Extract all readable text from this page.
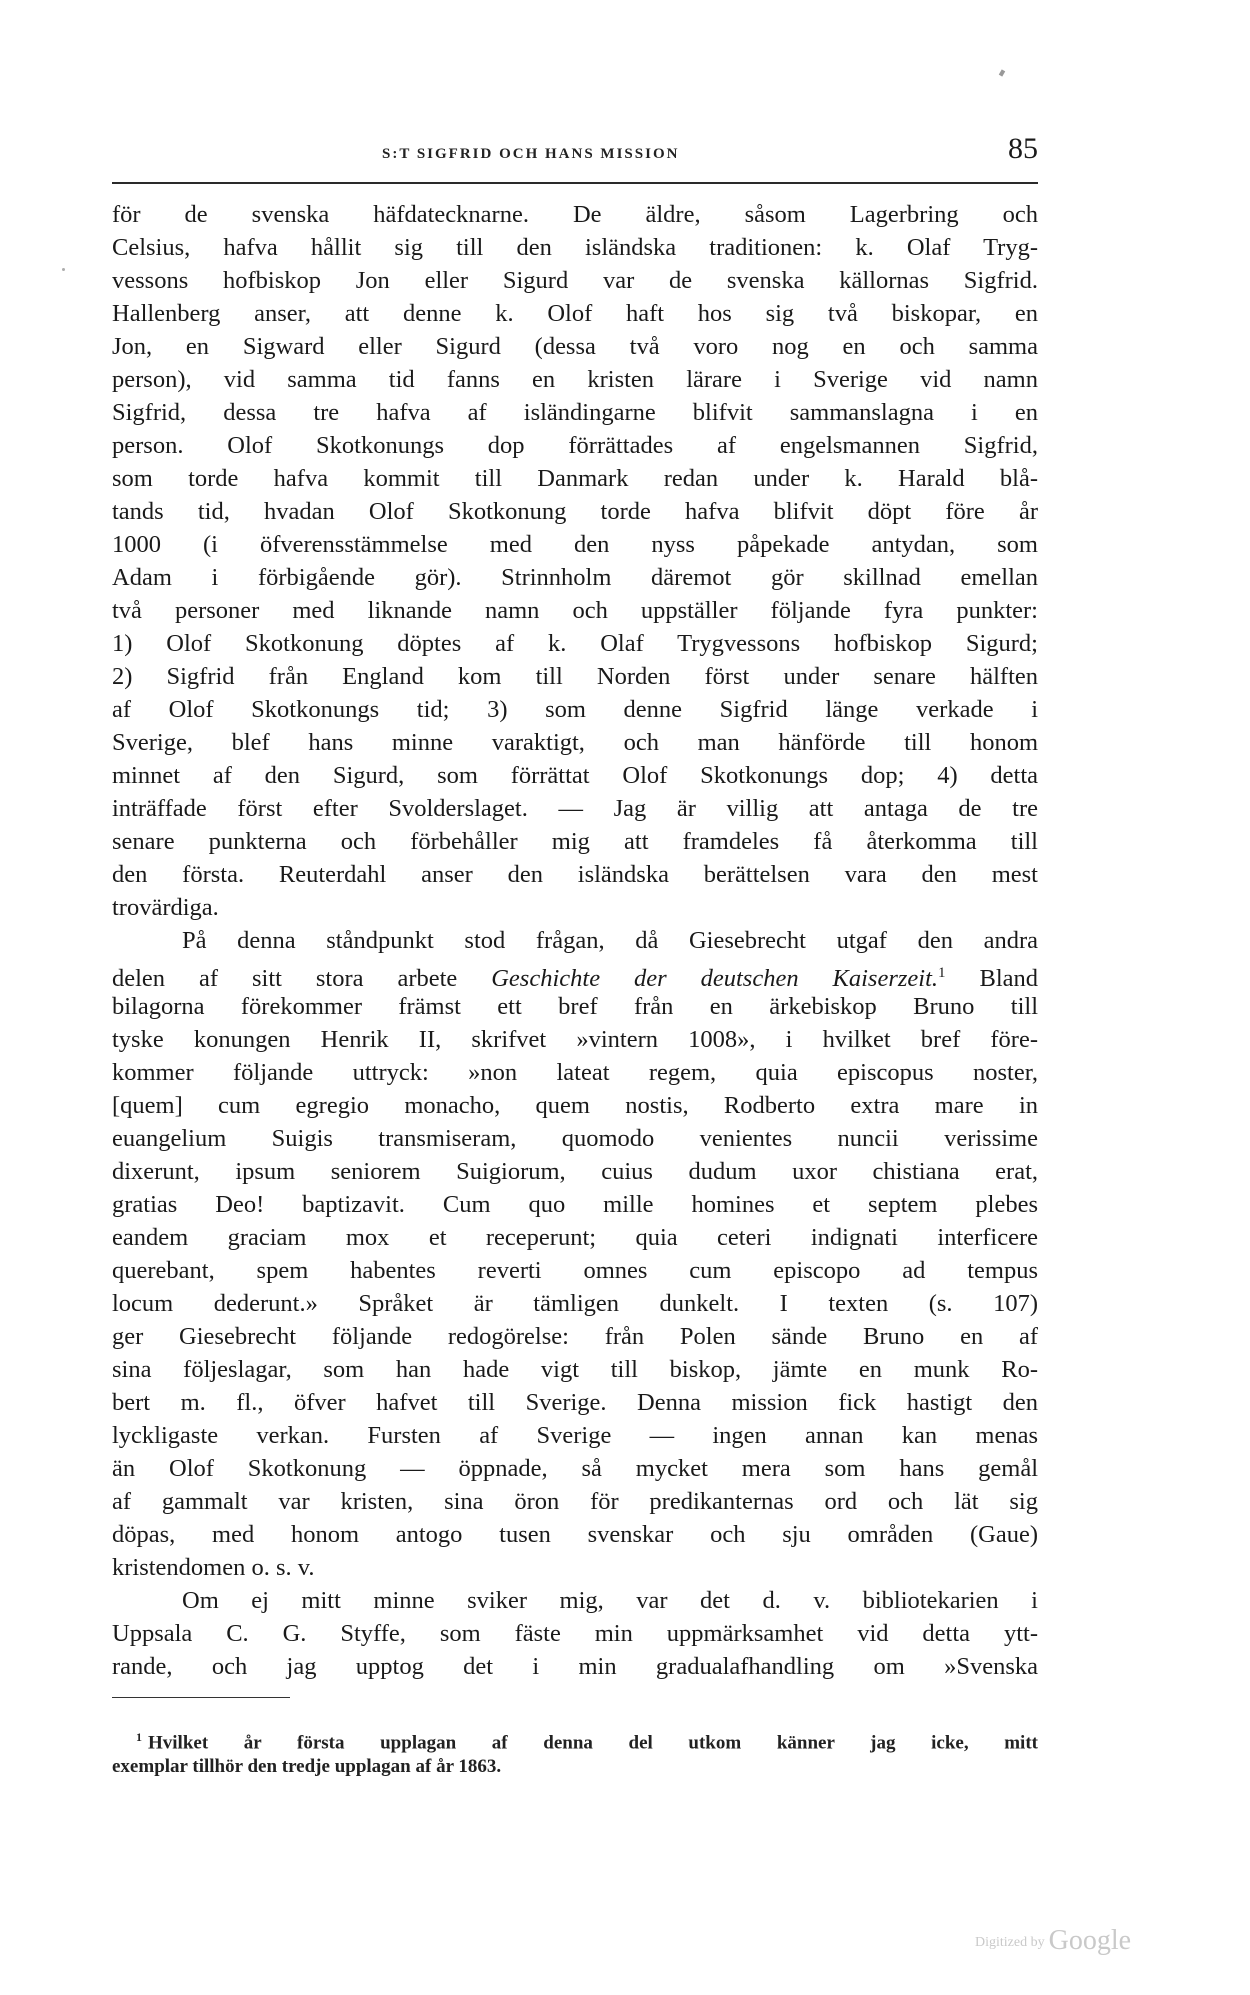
S:T SIGFRID OCH HANS MISSION	85
för de svenska häfdatecknarne. De äldre, såsom Lagerbring och
Celsius, hafva hållit sig till den isländska traditionen: k. Olaf Tryg-
vessons hofbiskop Jon eller Sigurd var de svenska källornas Sigfrid.
Hallenberg anser, att denne k. Olof haft hos sig två biskopar, en
Jon, en Sigward eller Sigurd (dessa två voro nog en och samma
person), vid samma tid fanns en kristen lärare i Sverige vid namn
Sigfrid, dessa tre hafva af isländingarne blifvit sammanslagna i en
person. Olof Skotkonungs dop förrättades af engelsmannen Sigfrid,
som torde hafva kommit till Danmark redan under k. Harald blå-
tands tid, hvadan Olof Skotkonung torde hafva blifvit döpt före år
1000 (i öfverensstämmelse med den nyss påpekade antydan, som
Adam i förbigående gör). Strinnholm däremot gör skillnad emellan
två personer med liknande namn och uppställer följande fyra punkter:
1) Olof Skotkonung döptes af k. Olaf Trygvessons hofbiskop Sigurd;
2) Sigfrid från England kom till Norden först under senare hälften
af Olof Skotkonungs tid; 3) som denne Sigfrid länge verkade i
Sverige, blef hans minne varaktigt, och man hänförde till honom
minnet af den Sigurd, som förrättat Olof Skotkonungs dop; 4) detta
inträffade först efter Svolderslaget. — Jag är villig att antaga de tre
senare punkterna och förbehåller mig att framdeles få återkomma till
den första. Reuterdahl anser den isländska berättelsen vara den mest
trovärdiga.
På denna ståndpunkt stod frågan, då Giesebrecht utgaf den andra
delen af sitt stora arbete Geschichte der deutschen Kaiserzeit.$^1$ Bland
bilagorna förekommer främst ett bref från en ärkebiskop Bruno till
tyske konungen Henrik II, skrifvet »vintern 1008», i hvilket bref före-
kommer följande uttryck: »non lateat regem, quia episcopus noster,
[quem] cum egregio monacho, quem nostis, Rodberto extra mare in
euangelium Suigis transmiseram, quomodo venientes nuncii verissime
dixerunt, ipsum seniorem Suigiorum, cuius dudum uxor chistiana erat,
gratias Deo! baptizavit. Cum quo mille homines et septem plebes
eandem graciam mox et receperunt; quia ceteri indignati interficere
querebant, spem habentes reverti omnes cum episcopo ad tempus
locum dederunt.» Språket är tämligen dunkelt. I texten (s. 107)
ger Giesebrecht följande redogörelse: från Polen sände Bruno en af
sina följeslagar, som han hade vigt till biskop, jämte en munk Ro-
bert m. fl., öfver hafvet till Sverige. Denna mission fick hastigt den
lyckligaste verkan. Fursten af Sverige — ingen annan kan menas
än Olof Skotkonung — öppnade, så mycket mera som hans gemål
af gammalt var kristen, sina öron för predikanternas ord och lät sig
döpas, med honom antogo tusen svenskar och sju områden (Gaue)
kristendomen o. s. v.
Om ej mitt minne sviker mig, var det d. v. bibliotekarien i
Uppsala C. G. Styffe, som fäste min uppmärksamhet vid detta ytt-
rande, och jag upptog det i min gradualafhandling om »Svenska
$^1$ Hvilket år första upplagan af denna del utkom känner jag icke, mitt
exemplar tillhör den tredje upplagan af år 1863.
Digitized by Google
